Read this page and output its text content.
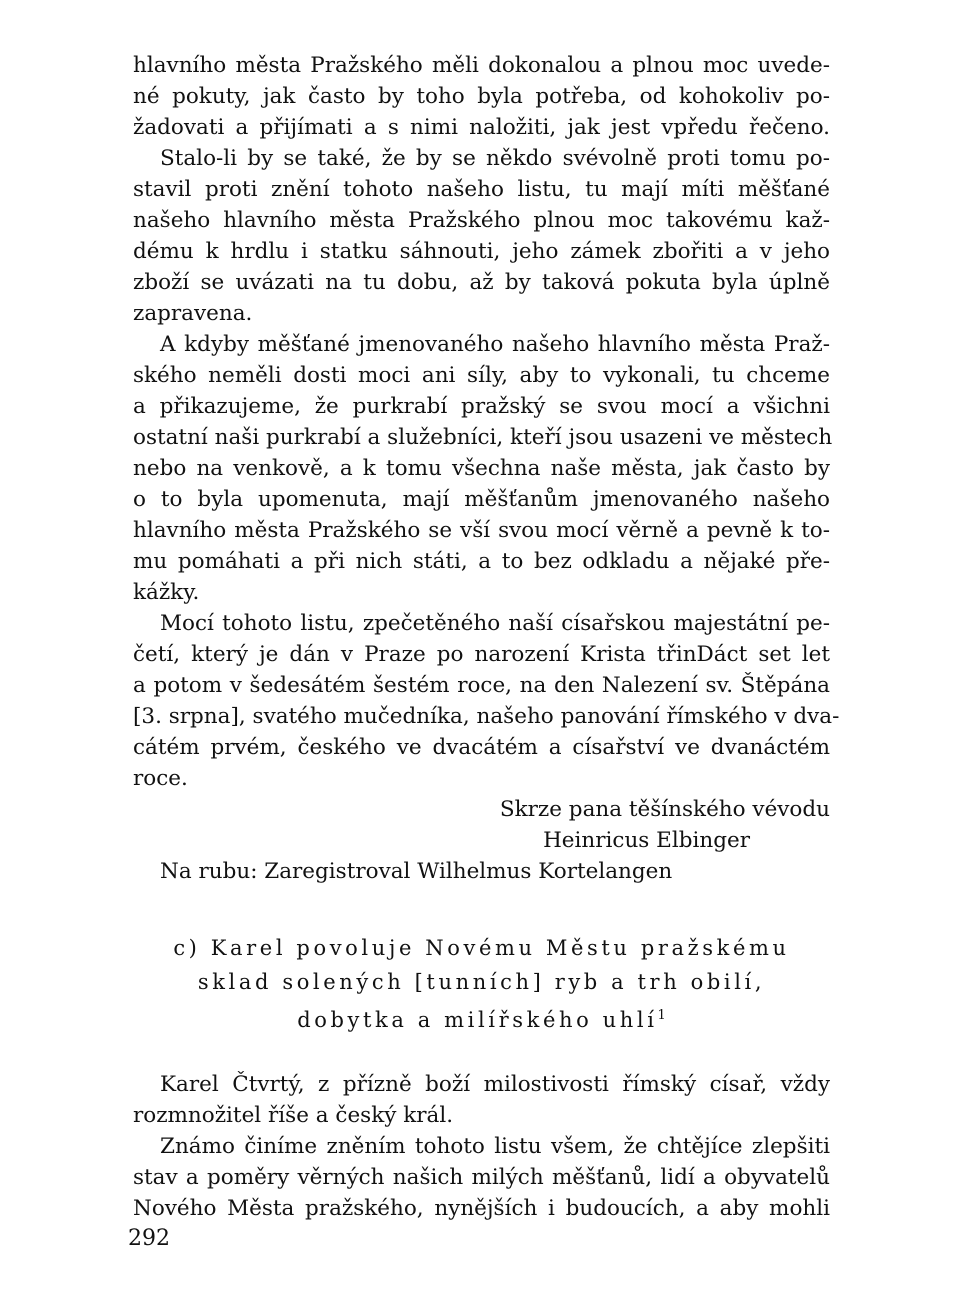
hlavního města Pražského měli dokonalou a plnou moc uvede-
né pokuty, jak často by toho byla potřeba, od kohokoliv po-
žadovati a přijímati a s nimi naložiti, jak jest vpředu řečeno.
Stalo-li by se také, že by se někdo svévolně proti tomu po-
stavil proti znění tohoto našeho listu, tu mají míti měšťané
našeho hlavního města Pražského plnou moc takovému kaž-
dému k hrdlu i statku sáhnouti, jeho zámek zbořiti a v jeho
zboží se uvázati na tu dobu, až by taková pokuta byla úplně
zapravena.
A kdyby měšťané jmenovaného našeho hlavního města Praž-
ského neměli dosti moci ani síly, aby to vykonali, tu chceme
a přikazujeme, že purkrabí pražský se svou mocí a všichni
ostatní naši purkrabí a služebníci, kteří jsou usazeni ve městech
nebo na venkově, a k tomu všechna naše města, jak často by
o to byla upomenuta, mají měšťanům jmenovaného našeho
hlavního města Pražského se vší svou mocí věrně a pevně k to-
mu pomáhati a při nich státi, a to bez odkladu a nějaké pře-
kážky.
Mocí tohoto listu, zpečetěného naší císařskou majestátní pe-
četí, který je dán v Praze po narození Krista třinDáct set let
a potom v šedesátém šestém roce, na den Nalezení sv. Štěpána
[3. srpna], svatého mučedníka, našeho panování římského v dva-
cátém prvém, českého ve dvacátém a císařství ve dvanáctém
roce.
Skrze pana těšínského vévodu
Heinricus Elbinger
Na rubu: Zaregistroval Wilhelmus Kortelangen
c) Karel povoluje Novému Městu pražskému
sklad solených [tunních] ryb a trh obilí,
dobytka a milířského uhlí$^1$
Karel Čtvrtý, z přízně boží milostivosti římský císař, vždy
rozmnožitel říše a český král.
Známo činíme zněním tohoto listu všem, že chtějíce zlepšiti
stav a poměry věrných našich milých měšťanů, lidí a obyvatelů
Nového Města pražského, nynějších i budoucích, a aby mohli
292
